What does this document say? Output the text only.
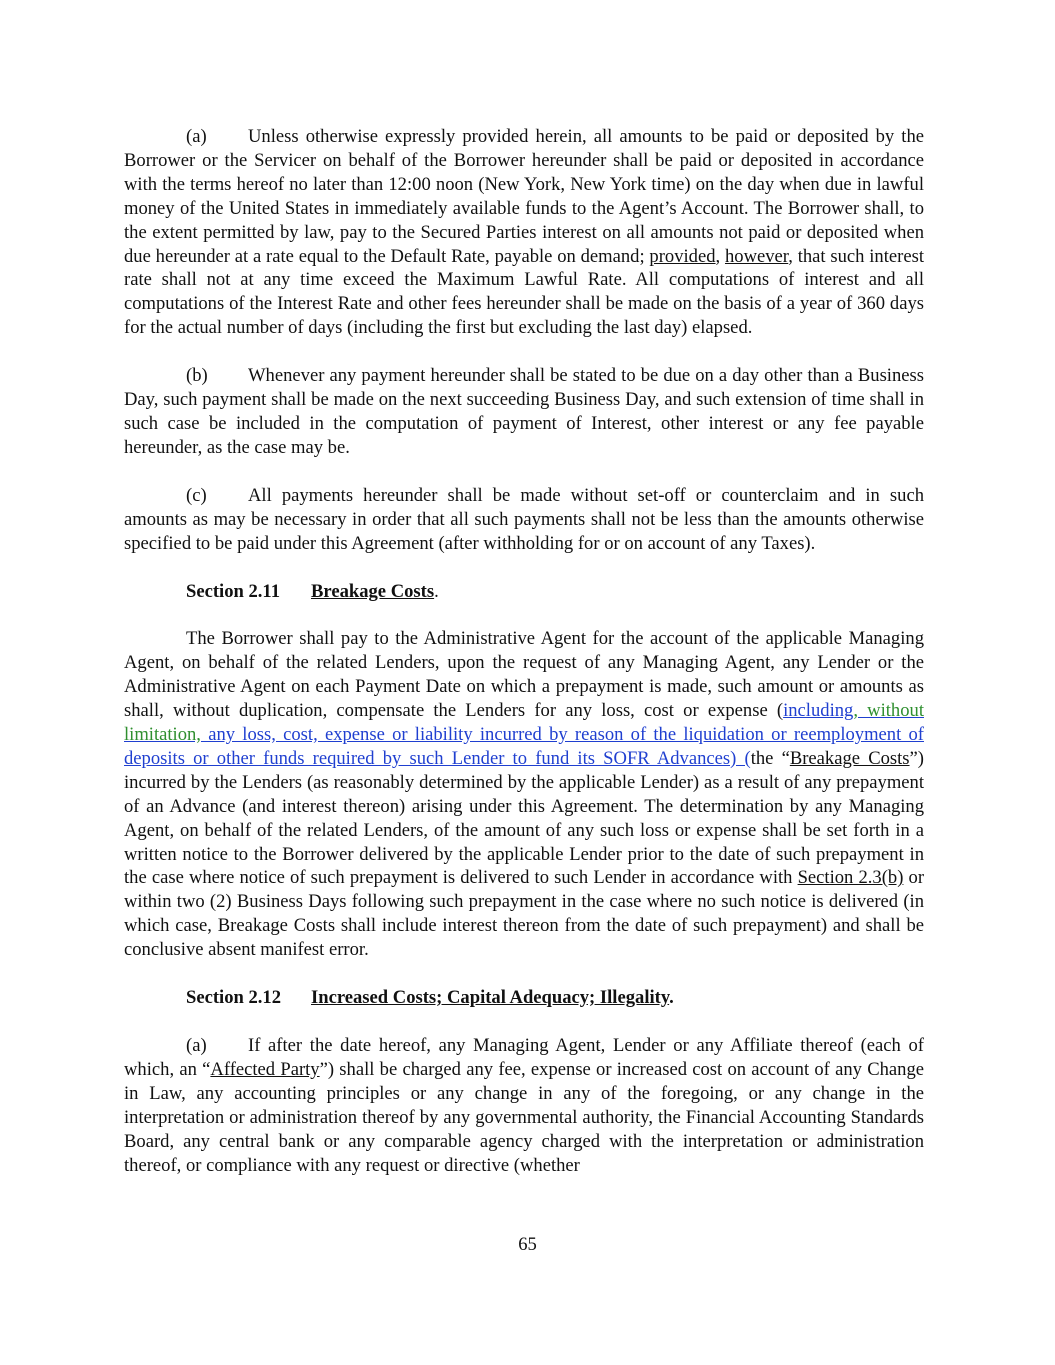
(a) Unless otherwise expressly provided herein, all amounts to be paid or deposited by the Borrower or the Servicer on behalf of the Borrower hereunder shall be paid or deposited in accordance with the terms hereof no later than 12:00 noon (New York, New York time) on the day when due in lawful money of the United States in immediately available funds to the Agent’s Account. The Borrower shall, to the extent permitted by law, pay to the Secured Parties interest on all amounts not paid or deposited when due hereunder at a rate equal to the Default Rate, payable on demand; provided, however, that such interest rate shall not at any time exceed the Maximum Lawful Rate. All computations of interest and all computations of the Interest Rate and other fees hereunder shall be made on the basis of a year of 360 days for the actual number of days (including the first but excluding the last day) elapsed.

(b) Whenever any payment hereunder shall be stated to be due on a day other than a Business Day, such payment shall be made on the next succeeding Business Day, and such extension of time shall in such case be included in the computation of payment of Interest, other interest or any fee payable hereunder, as the case may be.

(c) All payments hereunder shall be made without set-off or counterclaim and in such amounts as may be necessary in order that all such payments shall not be less than the amounts otherwise specified to be paid under this Agreement (after withholding for or on account of any Taxes).

Section 2.11 Breakage Costs.

The Borrower shall pay to the Administrative Agent for the account of the applicable Managing Agent, on behalf of the related Lenders, upon the request of any Managing Agent, any Lender or the Administrative Agent on each Payment Date on which a prepayment is made, such amount or amounts as shall, without duplication, compensate the Lenders for any loss, cost or expense (including, without limitation, any loss, cost, expense or liability incurred by reason of the liquidation or reemployment of deposits or other funds required by such Lender to fund its SOFR Advances) (the “Breakage Costs”) incurred by the Lenders (as reasonably determined by the applicable Lender) as a result of any prepayment of an Advance (and interest thereon) arising under this Agreement. The determination by any Managing Agent, on behalf of the related Lenders, of the amount of any such loss or expense shall be set forth in a written notice to the Borrower delivered by the applicable Lender prior to the date of such prepayment in the case where notice of such prepayment is delivered to such Lender in accordance with Section 2.3(b) or within two (2) Business Days following such prepayment in the case where no such notice is delivered (in which case, Breakage Costs shall include interest thereon from the date of such prepayment) and shall be conclusive absent manifest error.

Section 2.12 Increased Costs; Capital Adequacy; Illegality.

(a) If after the date hereof, any Managing Agent, Lender or any Affiliate thereof (each of which, an “Affected Party”) shall be charged any fee, expense or increased cost on account of any Change in Law, any accounting principles or any change in any of the foregoing, or any change in the interpretation or administration thereof by any governmental authority, the Financial Accounting Standards Board, any central bank or any comparable agency charged with the interpretation or administration thereof, or compliance with any request or directive (whether

65
